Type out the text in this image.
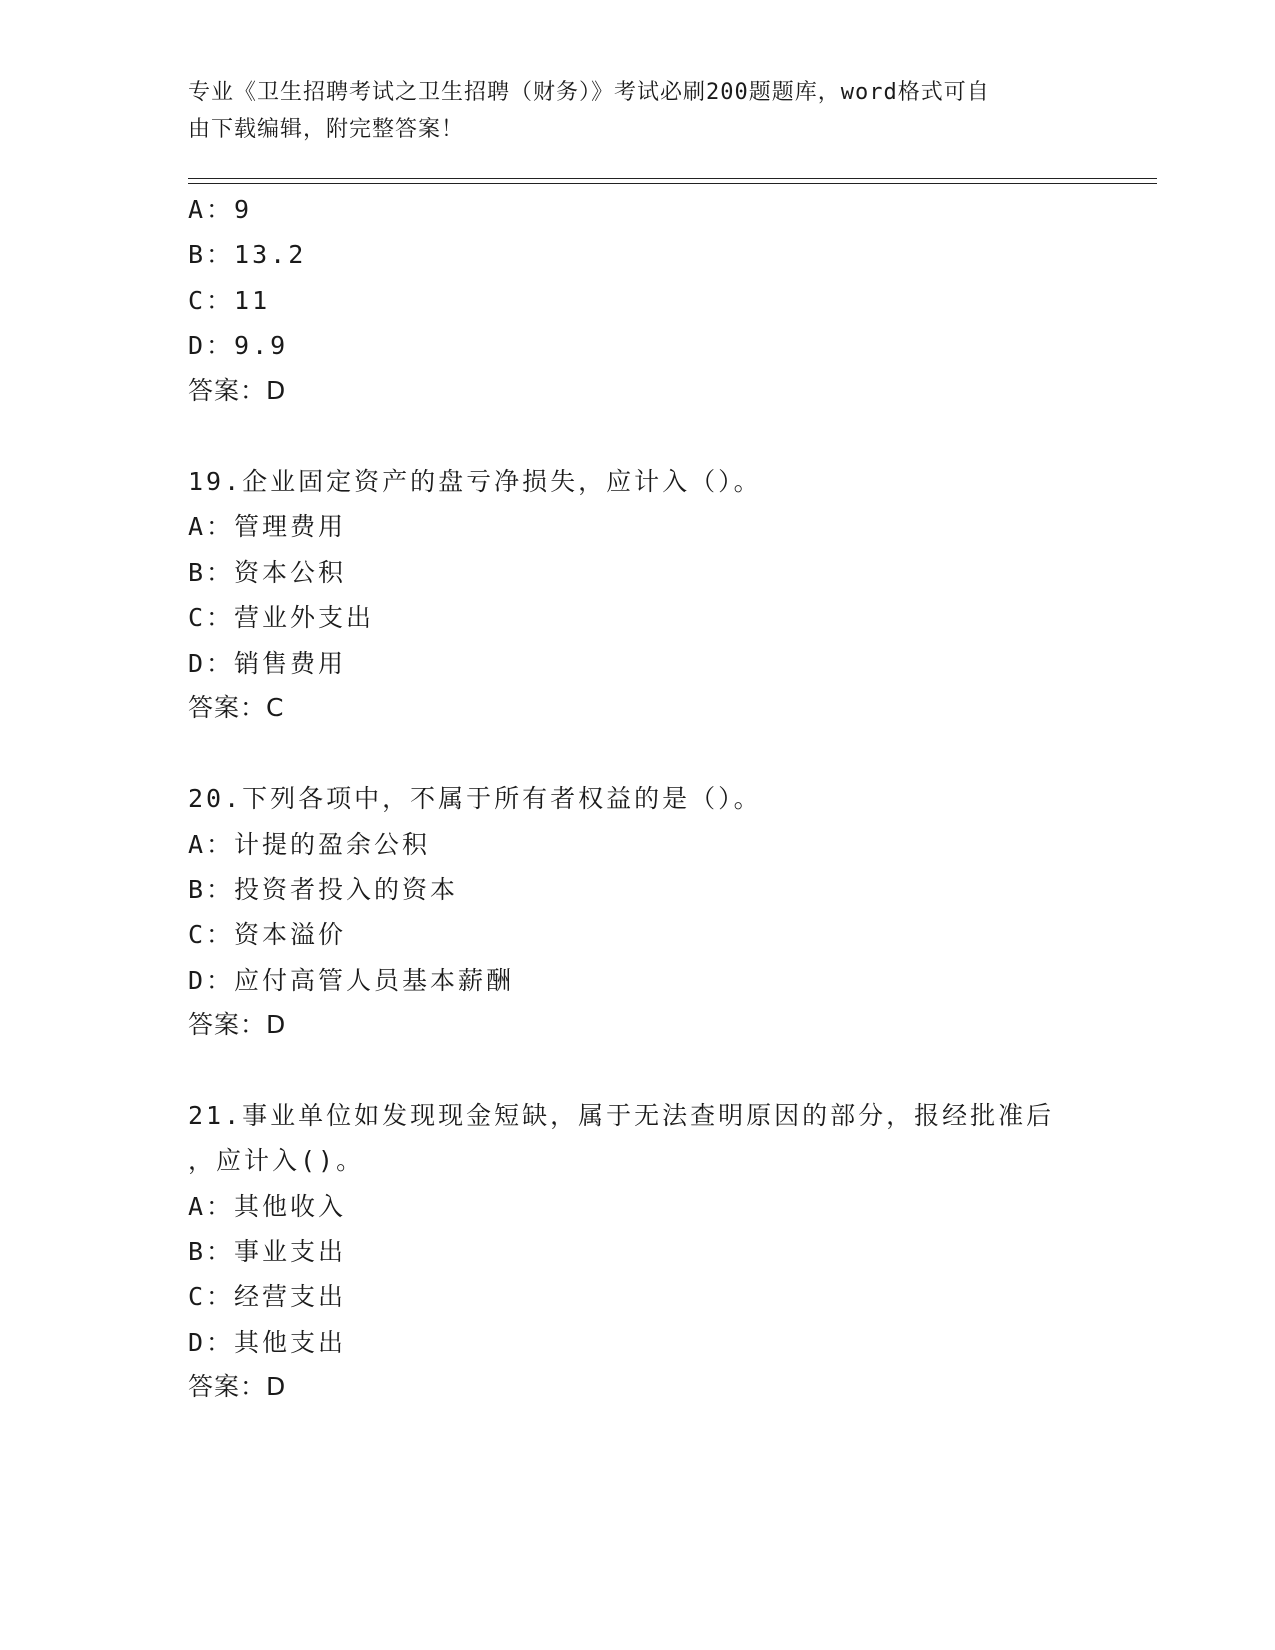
专业《卫生招聘考试之卫生招聘（财务）》考试必刷200题题库，word格式可自
由下载编辑，附完整答案！
A：9
B：13.2
C：11
D：9.9
答案：D
19.企业固定资产的盘亏净损失，应计入（）。
A：管理费用
B：资本公积
C：营业外支出
D：销售费用
答案：C
20.下列各项中，不属于所有者权益的是（）。
A：计提的盈余公积
B：投资者投入的资本
C：资本溢价
D：应付高管人员基本薪酬
答案：D
21.事业单位如发现现金短缺，属于无法查明原因的部分，报经批准后
，应计入()。
A：其他收入
B：事业支出
C：经营支出
D：其他支出
答案：D
